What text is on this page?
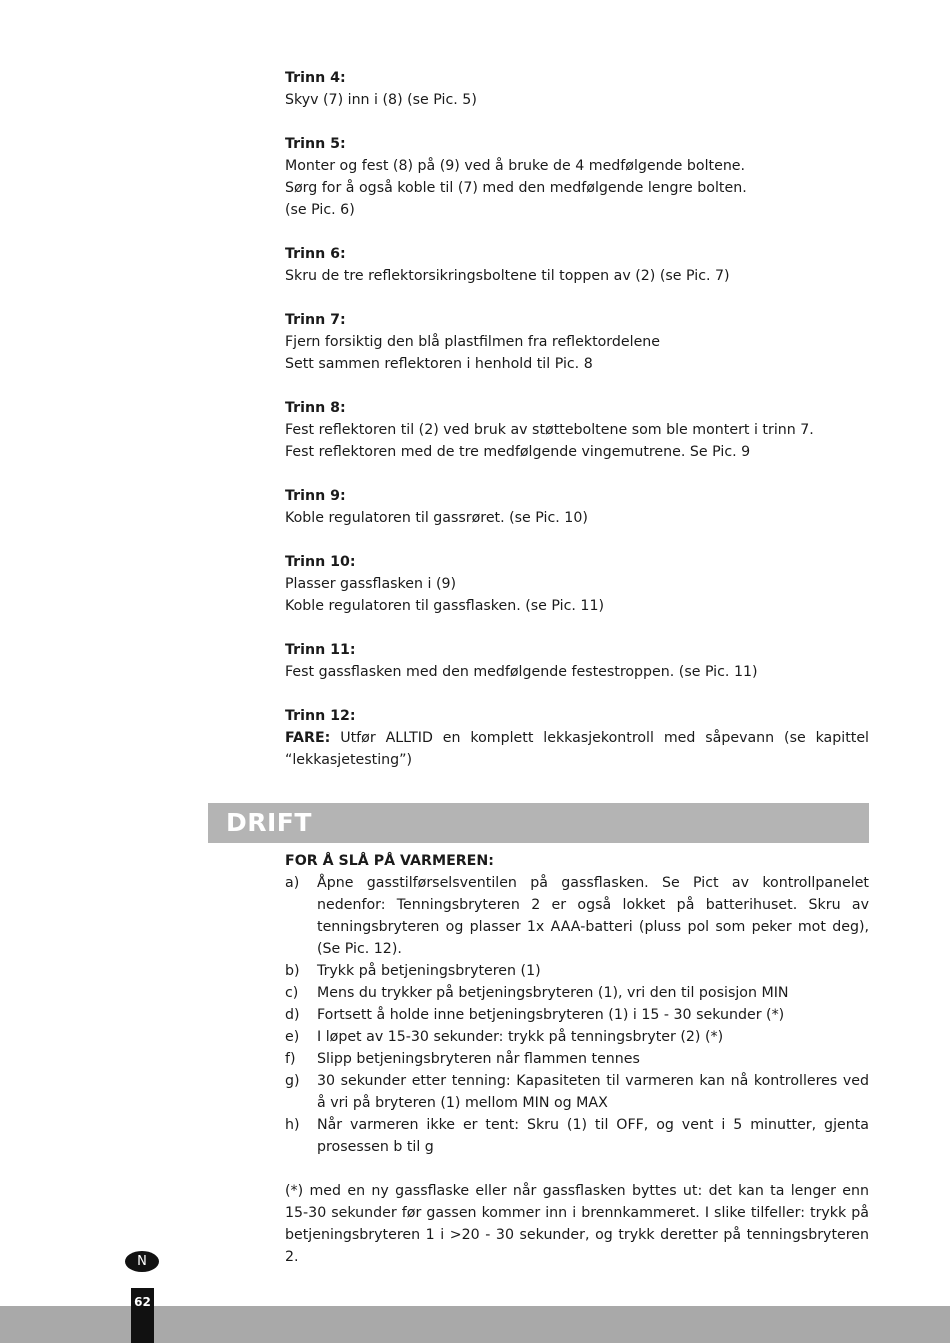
Trinn 4:
Skyv (7) inn i (8) (se Pic. 5)
Trinn 5:
Monter og fest (8) på (9) ved å bruke de 4 medfølgende boltene.
Sørg for å også koble til (7) med den medfølgende lengre bolten.
(se Pic. 6)
Trinn 6:
Skru de tre reflektorsikringsboltene til toppen av (2) (se Pic. 7)
Trinn 7:
Fjern forsiktig den blå plastfilmen fra reflektordelene
Sett sammen reflektoren i henhold til Pic. 8
Trinn 8:
Fest reflektoren til (2) ved bruk av støtteboltene som ble montert i trinn 7.
Fest reflektoren med de tre medfølgende vingemutrene. Se Pic. 9
Trinn 9:
Koble regulatoren til gassrøret. (se Pic. 10)
Trinn 10:
Plasser gassflasken i (9)
Koble regulatoren til gassflasken. (se Pic. 11)
Trinn 11:
Fest gassflasken med den medfølgende festestroppen. (se Pic. 11)
Trinn 12:
FARE: Utfør ALLTID en komplett lekkasjekontroll med såpevann (se kapittel “lekkasjetesting”)
DRIFT
FOR Å SLÅ PÅ VARMEREN:
a)	Åpne gasstilførselsventilen på gassflasken. Se Pict av kontrollpanelet nedenfor: Tenningsbryteren 2 er også lokket på batterihuset. Skru av tenningsbryteren og plasser 1x AAA-batteri (pluss pol som peker mot deg), (Se Pic. 12).
b)	Trykk på betjeningsbryteren (1)
c)	Mens du trykker på betjeningsbryteren (1), vri den til posisjon MIN
d)	Fortsett å holde inne betjeningsbryteren (1) i 15 - 30 sekunder (*)
e)	I løpet av 15-30 sekunder: trykk på tenningsbryter (2) (*)
f)	Slipp betjeningsbryteren når flammen tennes
g)	30 sekunder etter tenning: Kapasiteten til varmeren kan nå kontrolleres ved å vri på bryteren (1) mellom MIN og MAX
h)	Når varmeren ikke er tent: Skru (1) til OFF, og vent i 5 minutter, gjenta prosessen b til g
(*) med en ny gassflaske eller når gassflasken byttes ut: det kan ta lenger enn 15-30 sekunder før gassen kommer inn i brennkammeret. I slike tilfeller: trykk på betjeningsbryteren 1 i >20 - 30 sekunder, og trykk deretter på tenningsbryteren 2.
N
62
